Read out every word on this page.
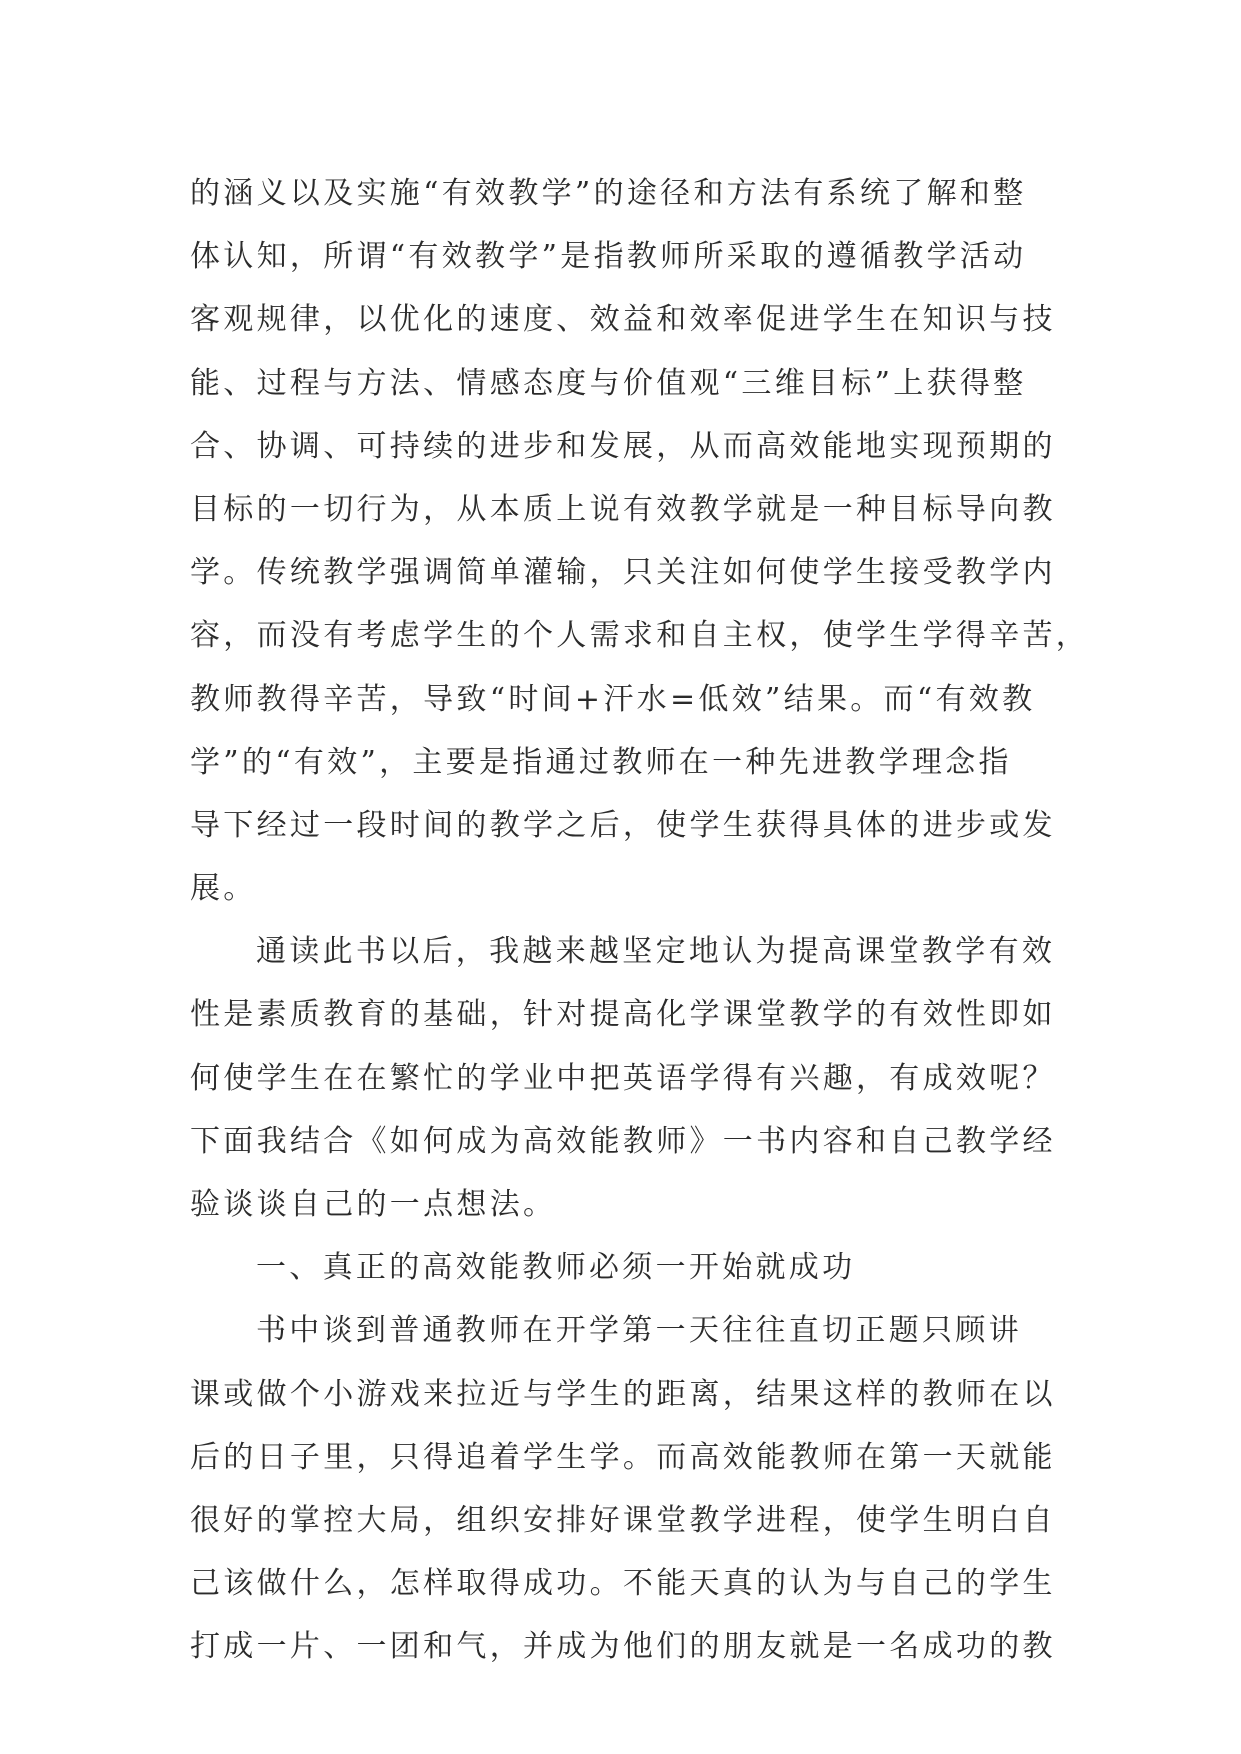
的涵义以及实施“有效教学”的途径和方法有系统了解和整
体认知，所谓“有效教学”是指教师所采取的遵循教学活动
客观规律，以优化的速度、效益和效率促进学生在知识与技
能、过程与方法、情感态度与价值观“三维目标”上获得整
合、协调、可持续的进步和发展，从而高效能地实现预期的
目标的一切行为，从本质上说有效教学就是一种目标导向教
学。传统教学强调简单灌输，只关注如何使学生接受教学内
容，而没有考虑学生的个人需求和自主权，使学生学得辛苦，
教师教得辛苦，导致“时间+汗水=低效”结果。而“有效教
学”的“有效”，主要是指通过教师在一种先进教学理念指
导下经过一段时间的教学之后，使学生获得具体的进步或发
展。
通读此书以后，我越来越坚定地认为提高课堂教学有效
性是素质教育的基础，针对提高化学课堂教学的有效性即如
何使学生在在繁忙的学业中把英语学得有兴趣，有成效呢？
下面我结合《如何成为高效能教师》一书内容和自己教学经
验谈谈自己的一点想法。
一、真正的高效能教师必须一开始就成功
书中谈到普通教师在开学第一天往往直切正题只顾讲
课或做个小游戏来拉近与学生的距离，结果这样的教师在以
后的日子里，只得追着学生学。而高效能教师在第一天就能
很好的掌控大局，组织安排好课堂教学进程，使学生明白自
己该做什么，怎样取得成功。不能天真的认为与自己的学生
打成一片、一团和气，并成为他们的朋友就是一名成功的教
